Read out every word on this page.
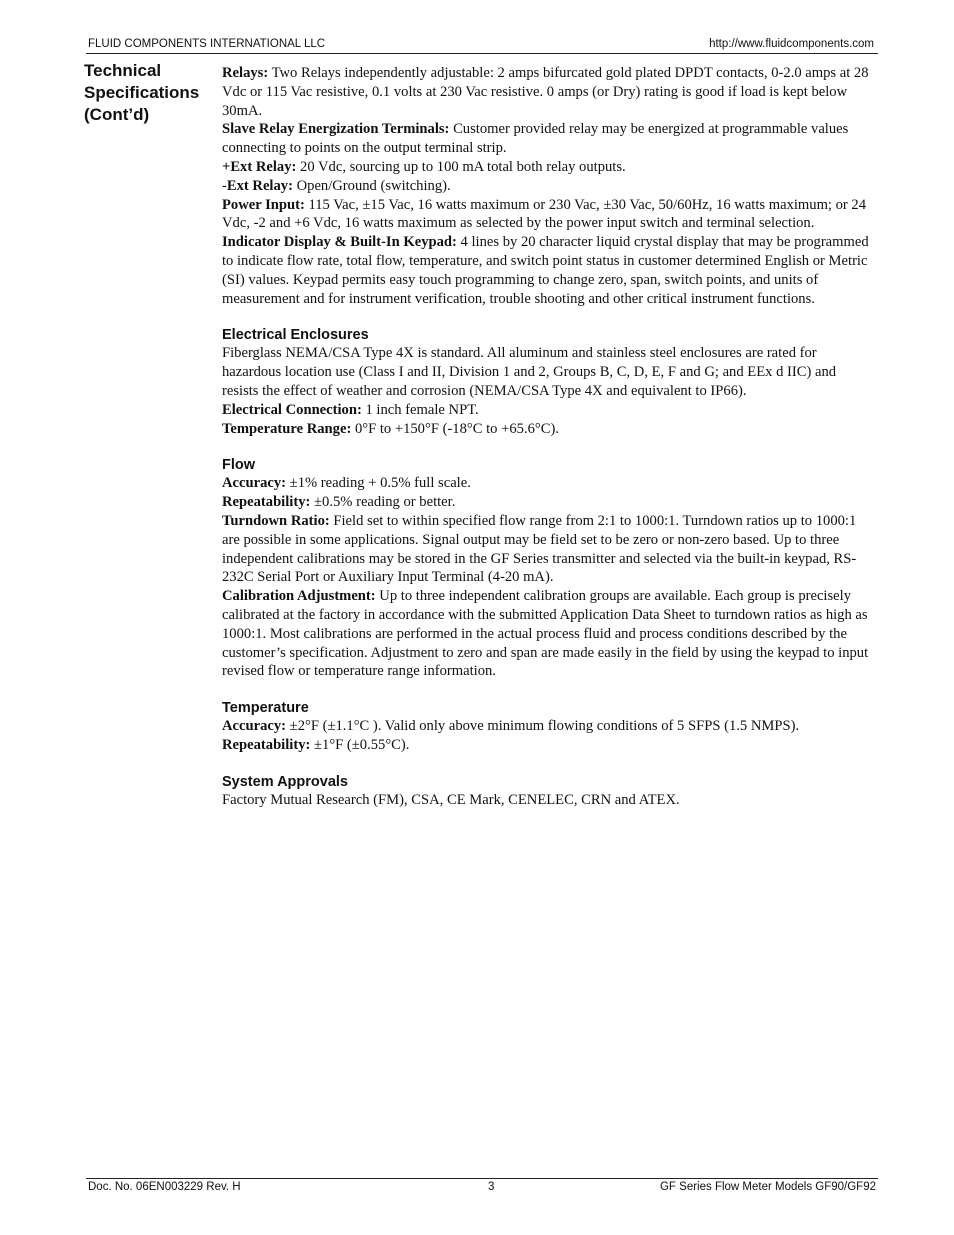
FLUID COMPONENTS INTERNATIONAL LLC	http://www.fluidcomponents.com
Technical
Specifications
(Cont’d)

Relays: Two Relays independently adjustable: 2 amps bifurcated gold plated DPDT contacts, 0-2.0 amps at 28 Vdc or 115 Vac resistive, 0.1 volts at 230 Vac resistive. 0 amps (or Dry) rating is good if load is kept below 30mA.

Slave Relay Energization Terminals: Customer provided relay may be energized at programmable values connecting to points on the output terminal strip.

+Ext Relay: 20 Vdc, sourcing up to 100 mA total both relay outputs.

-Ext Relay: Open/Ground (switching).

Power Input: 115 Vac, ±15 Vac, 16 watts maximum or 230 Vac, ±30 Vac, 50/60Hz, 16 watts maximum; or 24 Vdc, -2 and +6 Vdc, 16 watts maximum as selected by the power input switch and terminal selection.

Indicator Display & Built-In Keypad: 4 lines by 20 character liquid crystal display that may be programmed to indicate flow rate, total flow, temperature, and switch point status in customer determined English or Metric (SI) values. Keypad permits easy touch programming to change zero, span, switch points, and units of measurement and for instrument verification, trouble shooting and other critical instrument functions.

Electrical Enclosures

Fiberglass NEMA/CSA Type 4X is standard. All aluminum and stainless steel enclosures are rated for hazardous location use (Class I and II, Division 1 and 2, Groups B, C, D, E, F and G; and EEx d IIC) and resists the effect of weather and corrosion (NEMA/CSA Type 4X and equivalent to IP66).

Electrical Connection: 1 inch female NPT.

Temperature Range: 0°F to +150°F (-18°C to +65.6°C).

Flow

Accuracy: ±1% reading + 0.5% full scale.

Repeatability: ±0.5% reading or better.

Turndown Ratio: Field set to within specified flow range from 2:1 to 1000:1. Turndown ratios up to 1000:1 are possible in some applications. Signal output may be field set to be zero or non-zero based. Up to three independent calibrations may be stored in the GF Series transmitter and selected via the built-in keypad, RS-232C Serial Port or Auxiliary Input Terminal (4-20 mA).

Calibration Adjustment: Up to three independent calibration groups are available. Each group is precisely calibrated at the factory in accordance with the submitted Application Data Sheet to turndown ratios as high as 1000:1. Most calibrations are performed in the actual process fluid and process conditions described by the customer’s specification. Adjustment to zero and span are made easily in the field by using the keypad to input revised flow or temperature range information.

Temperature

Accuracy: ±2°F (±1.1°C ). Valid only above minimum flowing conditions of 5 SFPS (1.5 NMPS).

Repeatability: ±1°F (±0.55°C).

System Approvals

Factory Mutual Research (FM), CSA, CE Mark, CENELEC, CRN and ATEX.

Doc. No. 06EN003229 Rev. H	3	GF Series Flow Meter Models GF90/GF92
